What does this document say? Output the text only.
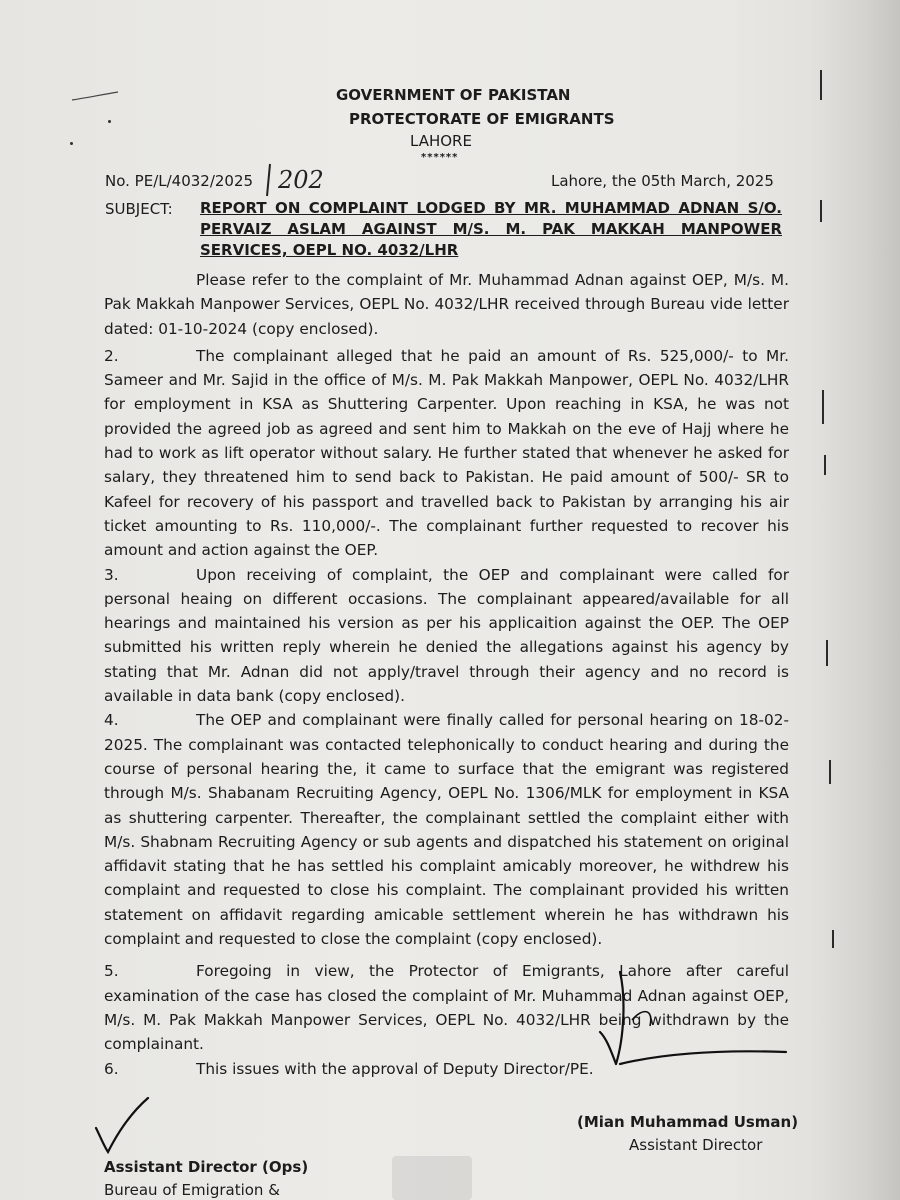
GOVERNMENT OF PAKISTAN
PROTECTORATE OF EMIGRANTS
LAHORE
******
No. PE/L/4032/2025 202	Lahore, the 05th March, 2025
SUBJECT: REPORT ON COMPLAINT LODGED BY MR. MUHAMMAD ADNAN S/O. PERVAIZ ASLAM AGAINST M/S. M. PAK MAKKAH MANPOWER SERVICES, OEPL NO. 4032/LHR

Please refer to the complaint of Mr. Muhammad Adnan against OEP, M/s. M. Pak Makkah Manpower Services, OEPL No. 4032/LHR received through Bureau vide letter dated: 01-10-2024 (copy enclosed).

2.	The complainant alleged that he paid an amount of Rs. 525,000/- to Mr. Sameer and Mr. Sajid in the office of M/s. M. Pak Makkah Manpower, OEPL No. 4032/LHR for employment in KSA as Shuttering Carpenter. Upon reaching in KSA, he was not provided the agreed job as agreed and sent him to Makkah on the eve of Hajj where he had to work as lift operator without salary. He further stated that whenever he asked for salary, they threatened him to send back to Pakistan. He paid amount of 500/- SR to Kafeel for recovery of his passport and travelled back to Pakistan by arranging his air ticket amounting to Rs. 110,000/-. The complainant further requested to recover his amount and action against the OEP.

3.	Upon receiving of complaint, the OEP and complainant were called for personal heaing on different occasions. The complainant appeared/available for all hearings and maintained his version as per his applicaition against the OEP. The OEP submitted his written reply wherein he denied the allegations against his agency by stating that Mr. Adnan did not apply/travel through their agency and no record is available in data bank (copy enclosed).

4.	The OEP and complainant were finally called for personal hearing on 18-02-2025. The complainant was contacted telephonically to conduct hearing and during the course of personal hearing the, it came to surface that the emigrant was registered through M/s. Shabanam Recruiting Agency, OEPL No. 1306/MLK for employment in KSA as shuttering carpenter. Thereafter, the complainant settled the complaint either with M/s. Shabnam Recruiting Agency or sub agents and dispatched his statement on original affidavit stating that he has settled his complaint amicably moreover, he withdrew his complaint and requested to close his complaint. The complainant provided his written statement on affidavit regarding amicable settlement wherein he has withdrawn his complaint and requested to close the complaint (copy enclosed).

5.	Foregoing in view, the Protector of Emigrants, Lahore after careful examination of the case has closed the complaint of Mr. Muhammad Adnan against OEP, M/s. M. Pak Makkah Manpower Services, OEPL No. 4032/LHR being withdrawn by the complainant.

6.	This issues with the approval of Deputy Director/PE.

(Mian Muhammad Usman)
Assistant Director
Assistant Director (Ops)
Bureau of Emigration &
